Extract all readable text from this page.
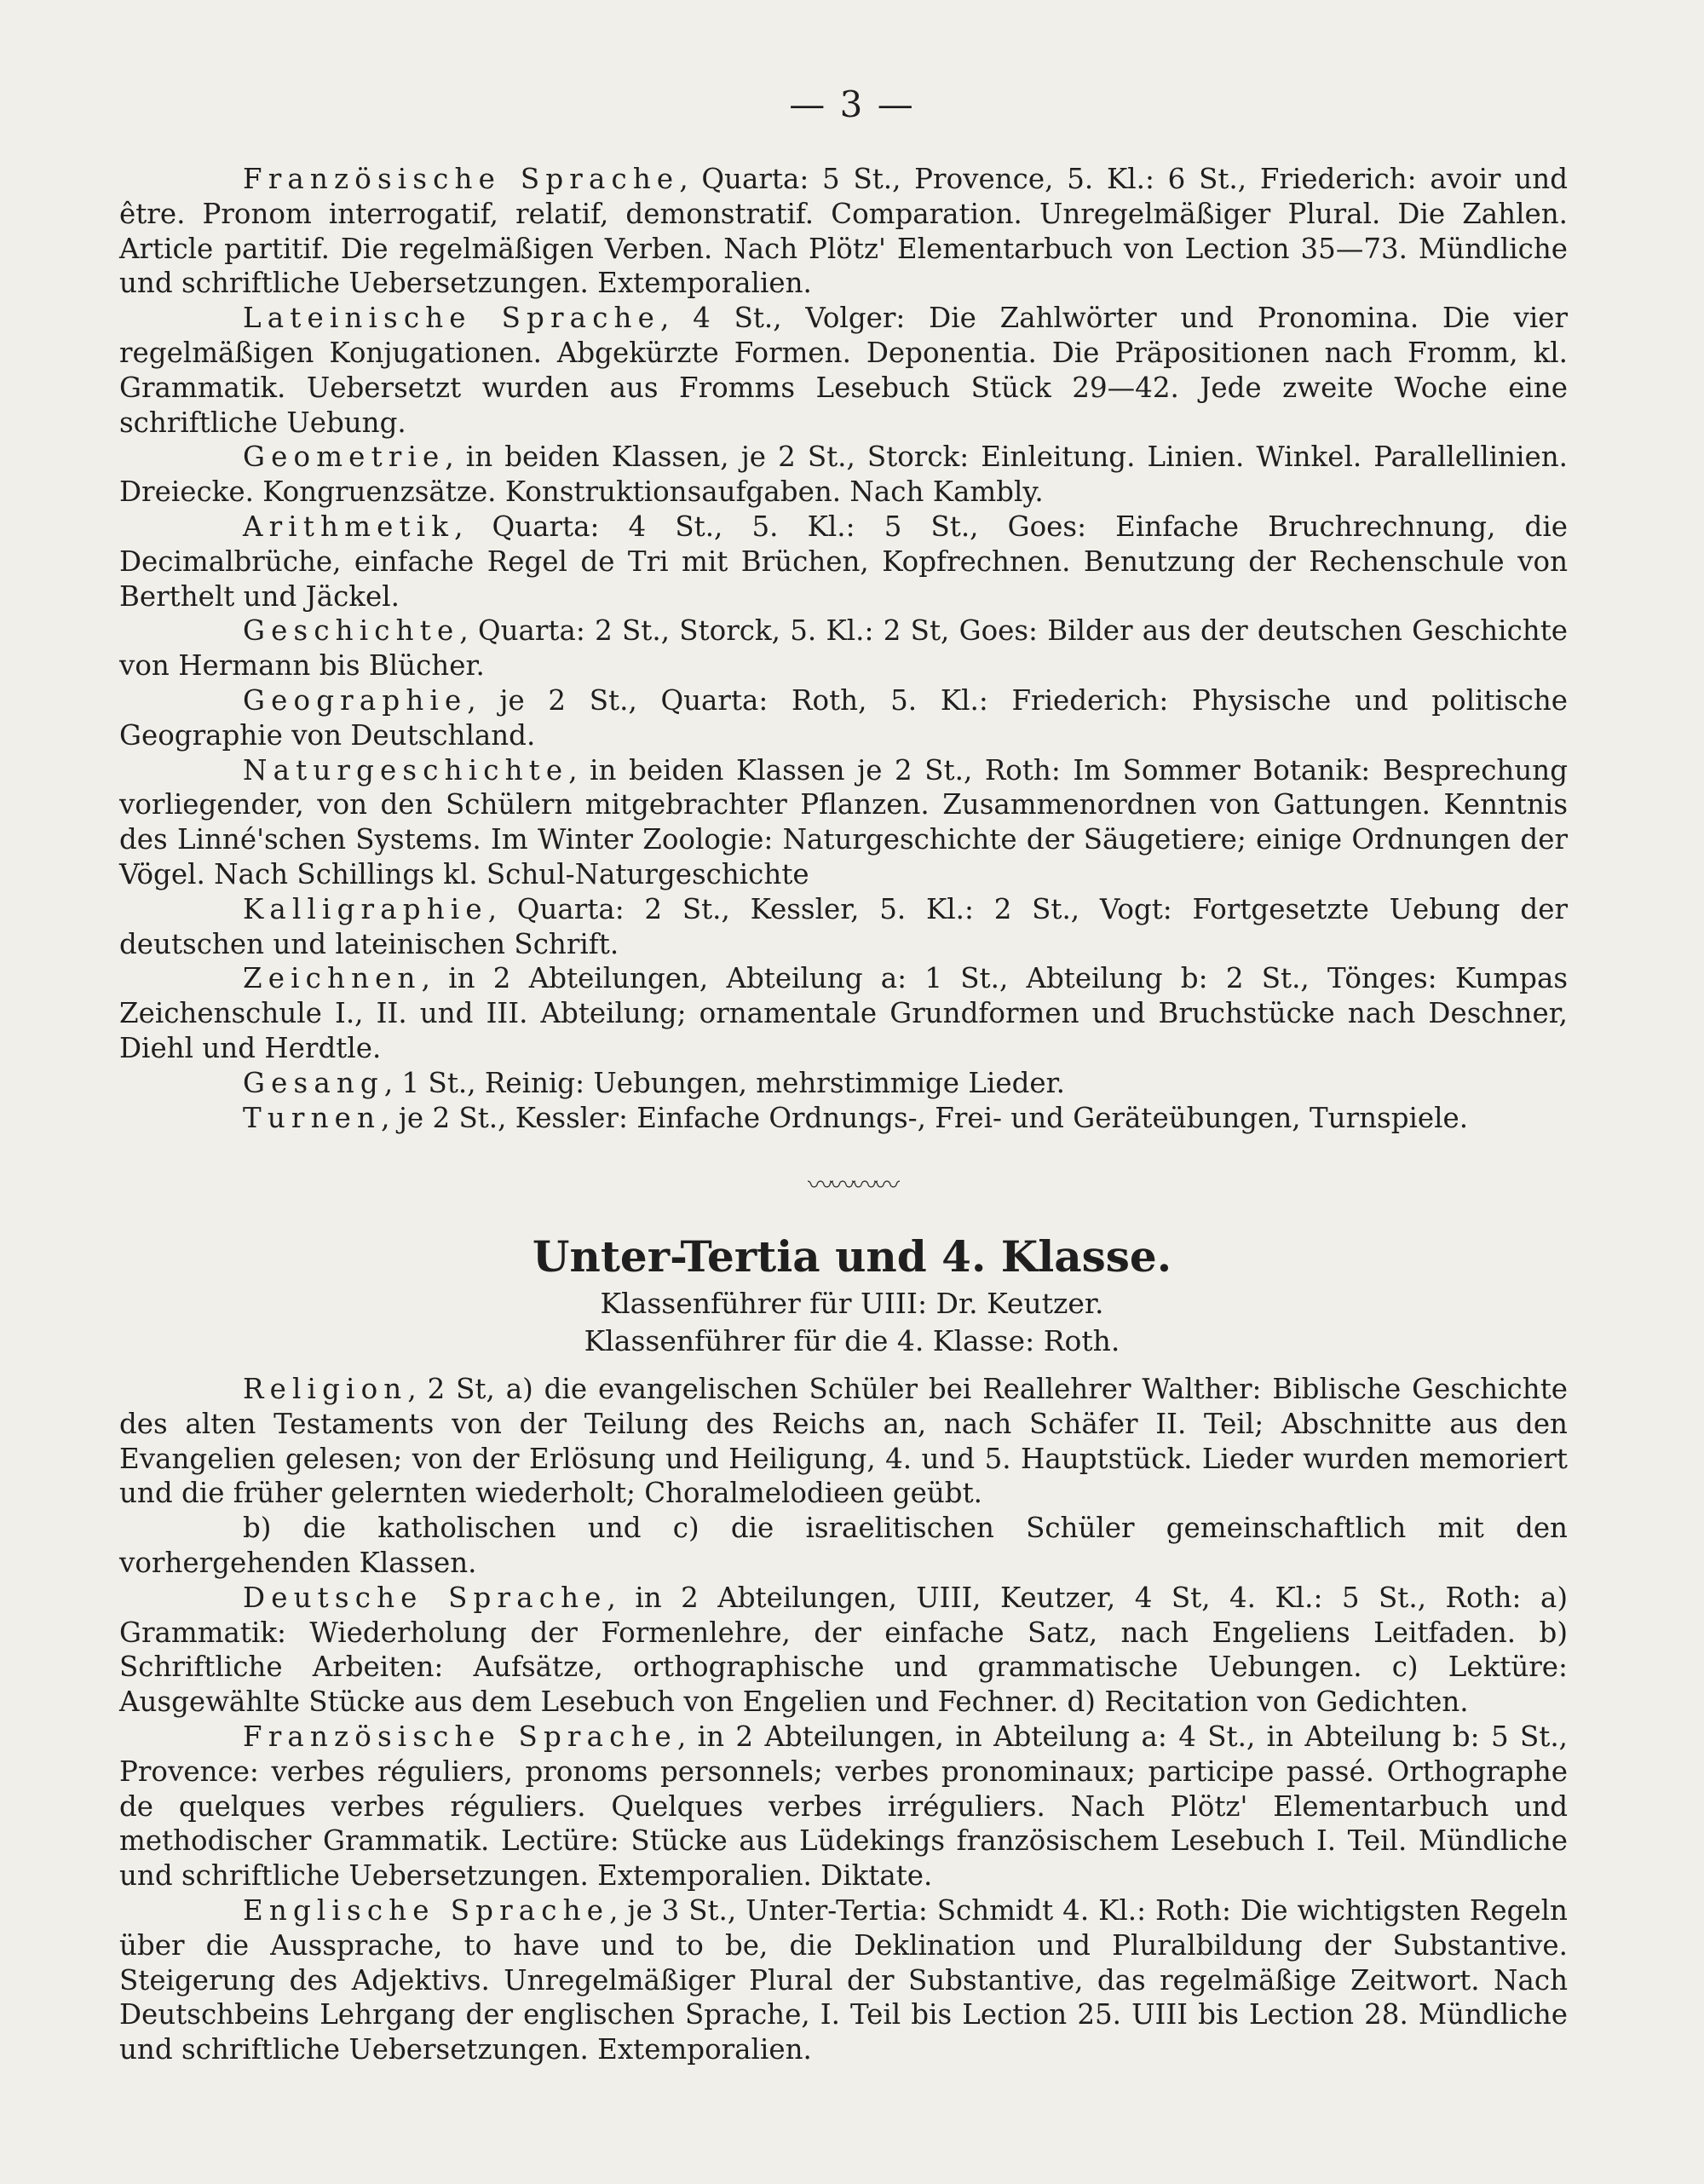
— 3 —

Französische Sprache, Quarta: 5 St., Provence, 5. Kl.: 6 St., Friederich: avoir und être. Pronom interrogatif, relatif, demonstratif. Comparation. Unregelmäßiger Plural. Die Zahlen. Article partitif. Die regelmäßigen Verben. Nach Plötz' Elementarbuch von Lection 35—73. Mündliche und schriftliche Uebersetzungen. Extemporalien.

Lateinische Sprache, 4 St., Volger: Die Zahlwörter und Pronomina. Die vier regelmäßigen Konjugationen. Abgekürzte Formen. Deponentia. Die Präpositionen nach Fromm, kl. Grammatik. Uebersetzt wurden aus Fromms Lesebuch Stück 29—42. Jede zweite Woche eine schriftliche Uebung.

Geometrie, in beiden Klassen, je 2 St., Storck: Einleitung. Linien. Winkel. Parallellinien. Dreiecke. Kongruenzsätze. Konstruktionsaufgaben. Nach Kambly.

Arithmetik, Quarta: 4 St., 5. Kl.: 5 St., Goes: Einfache Bruchrechnung, die Decimalbrüche, einfache Regel de Tri mit Brüchen, Kopfrechnen. Benutzung der Rechenschule von Berthelt und Jäckel.

Geschichte, Quarta: 2 St., Storck, 5. Kl.: 2 St, Goes: Bilder aus der deutschen Geschichte von Hermann bis Blücher.

Geographie, je 2 St., Quarta: Roth, 5. Kl.: Friederich: Physische und politische Geographie von Deutschland.

Naturgeschichte, in beiden Klassen je 2 St., Roth: Im Sommer Botanik: Besprechung vorliegender, von den Schülern mitgebrachter Pflanzen. Zusammenordnen von Gattungen. Kenntnis des Linné'schen Systems. Im Winter Zoologie: Naturgeschichte der Säugetiere; einige Ordnungen der Vögel. Nach Schillings kl. Schul-Naturgeschichte

Kalligraphie, Quarta: 2 St., Kessler, 5. Kl.: 2 St., Vogt: Fortgesetzte Uebung der deutschen und lateinischen Schrift.

Zeichnen, in 2 Abteilungen, Abteilung a: 1 St., Abteilung b: 2 St., Tönges: Kumpas Zeichenschule I., II. und III. Abteilung; ornamentale Grundformen und Bruchstücke nach Deschner, Diehl und Herdtle.

Gesang, 1 St., Reinig: Uebungen, mehrstimmige Lieder.

Turnen, je 2 St., Kessler: Einfache Ordnungs-, Frei- und Geräteübungen, Turnspiele.

〰〰〰〰
Unter-Tertia und 4. Klasse.
Klassenführer für UIII: Dr. Keutzer.
Klassenführer für die 4. Klasse: Roth.

Religion, 2 St, a) die evangelischen Schüler bei Reallehrer Walther: Biblische Geschichte des alten Testaments von der Teilung des Reichs an, nach Schäfer II. Teil; Abschnitte aus den Evangelien gelesen; von der Erlösung und Heiligung, 4. und 5. Hauptstück. Lieder wurden memoriert und die früher gelernten wiederholt; Choralmelodieen geübt.

b) die katholischen und c) die israelitischen Schüler gemeinschaftlich mit den vorhergehenden Klassen.

Deutsche Sprache, in 2 Abteilungen, UIII, Keutzer, 4 St, 4. Kl.: 5 St., Roth: a) Grammatik: Wiederholung der Formenlehre, der einfache Satz, nach Engeliens Leitfaden. b) Schriftliche Arbeiten: Aufsätze, orthographische und grammatische Uebungen. c) Lektüre: Ausgewählte Stücke aus dem Lesebuch von Engelien und Fechner. d) Recitation von Gedichten.

Französische Sprache, in 2 Abteilungen, in Abteilung a: 4 St., in Abteilung b: 5 St., Provence: verbes réguliers, pronoms personnels; verbes pronominaux; participe passé. Orthographe de quelques verbes réguliers. Quelques verbes irréguliers. Nach Plötz' Elementarbuch und methodischer Grammatik. Lectüre: Stücke aus Lüdekings französischem Lesebuch I. Teil. Mündliche und schriftliche Uebersetzungen. Extemporalien. Diktate.

Englische Sprache, je 3 St., Unter-Tertia: Schmidt 4. Kl.: Roth: Die wichtigsten Regeln über die Aussprache, to have und to be, die Deklination und Pluralbildung der Substantive. Steigerung des Adjektivs. Unregelmäßiger Plural der Substantive, das regelmäßige Zeitwort. Nach Deutschbeins Lehrgang der englischen Sprache, I. Teil bis Lection 25. UIII bis Lection 28. Mündliche und schriftliche Uebersetzungen. Extemporalien.
